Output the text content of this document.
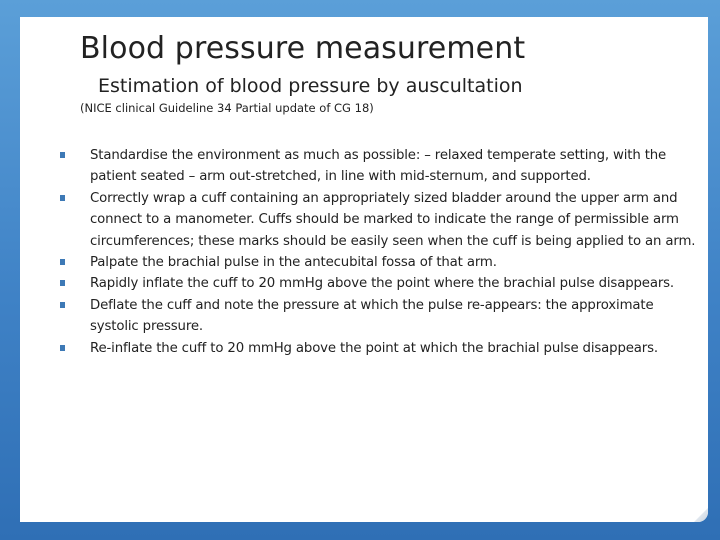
Blood pressure measurement
Estimation of blood pressure by auscultation
(NICE clinical Guideline 34 Partial update of CG 18)
Standardise the environment as much as possible: – relaxed temperate setting, with the patient seated – arm out-stretched, in line with mid-sternum, and supported.
Correctly wrap a cuff containing an appropriately sized bladder around the upper arm and connect to a manometer. Cuffs should be marked to indicate the range of permissible arm circumferences; these marks should be easily seen when the cuff is being applied to an arm.
Palpate the brachial pulse in the antecubital fossa of that arm.
Rapidly inflate the cuff to 20 mmHg above the point where the brachial pulse disappears.
Deflate the cuff and note the pressure at which the pulse re-appears: the approximate systolic pressure.
Re-inflate the cuff to 20 mmHg above the point at which the brachial pulse disappears.
